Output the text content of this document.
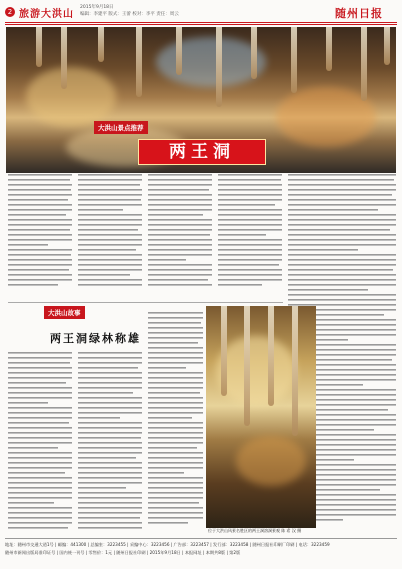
2 旅游大洪山
2015年9月18日
编辑：李建平 版式：王蕾 校对：李平 责任：周云	随州日报
大洪山景点推荐
两王洞
大洪山故事
两王洞绿林称雄
位于大洪山风景名胜区的两王洞溶洞景观 陈 希 汉 摄
地址：随州市交通大道1号 | 邮编：441300 | 总编室：3223455 | 采编中心：3223456 | 广告部：3223457 | 发行部：3223458 | 随州日报社印刷厂印刷 | 电话：3223459
随州市新闻出版局准印证号 | 国内统一刊号 | 零售价：1元 | 随州日报社印刷 | 2015年9月18日 | 本报网址 | 本期共8版 | 第2版
